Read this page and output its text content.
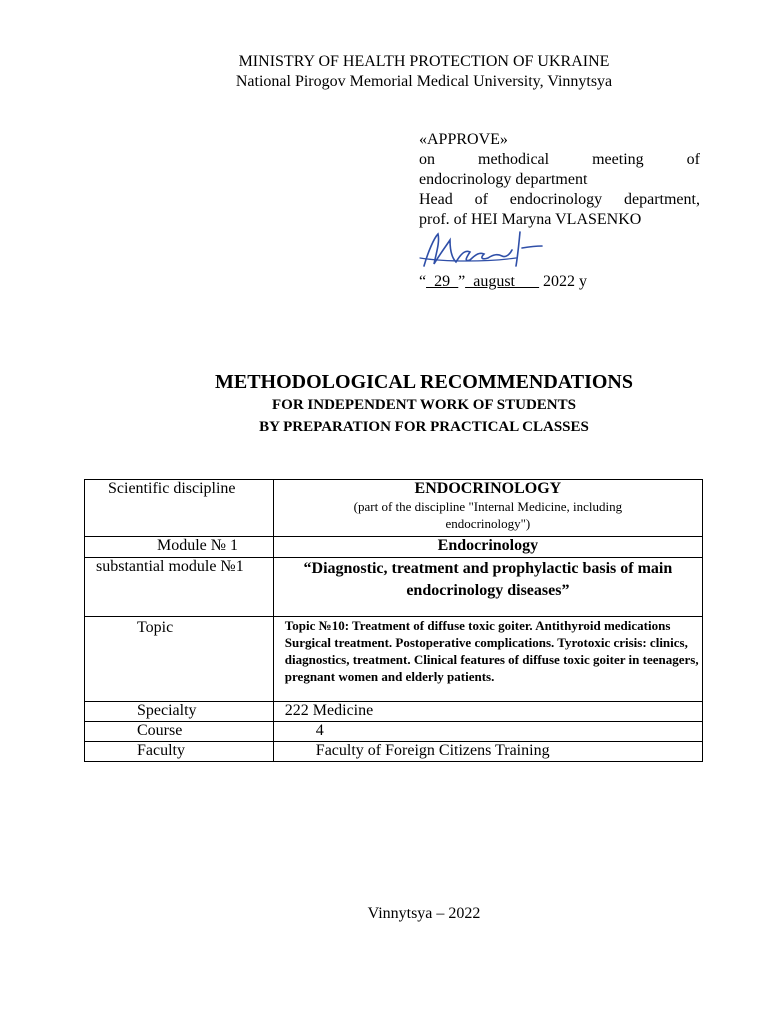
MINISTRY OF HEALTH PROTECTION OF UKRAINE
National Pirogov Memorial Medical University, Vinnytsya
«APPROVE»
on	methodical	meeting	of
endocrinology department
Head of endocrinology department,
prof. of HEI Maryna VLASENKO
“_29_”_august___ 2022 y
METHODOLOGICAL RECOMMENDATIONS
FOR INDEPENDENT WORK OF STUDENTS
BY PREPARATION FOR PRACTICAL CLASSES
Scientific discipline	ENDOCRINOLOGY
(part of the discipline "Internal Medicine, including endocrinology")

Module № 1	Endocrinology

substantial module №1	“Diagnostic, treatment and prophylactic basis of main endocrinology diseases”

Topic	Topic №10: Treatment of diffuse toxic goiter. Antithyroid medications Surgical treatment. Postoperative complications. Tyrotoxic crisis: clinics, diagnostics, treatment. Clinical features of diffuse toxic goiter in teenagers, pregnant women and elderly patients.

Specialty	222 Medicine

Course	4

Faculty	Faculty of Foreign Citizens Training
Vinnytsya – 2022
